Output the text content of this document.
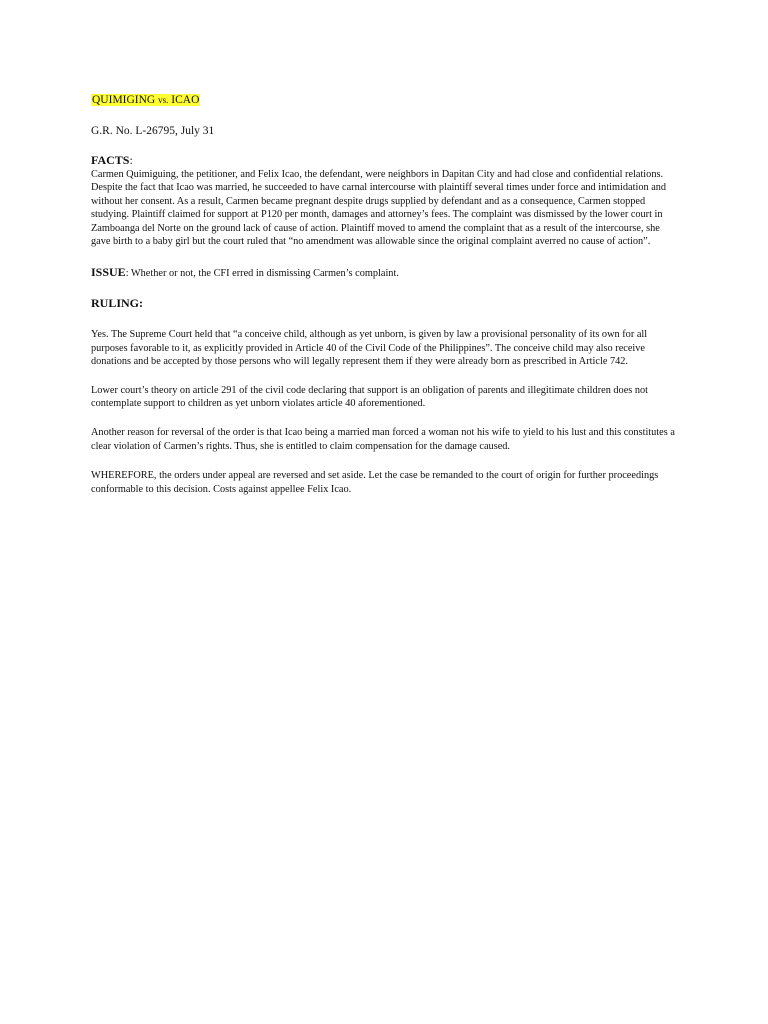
QUIMIGING vs. ICAO

G.R. No. L-26795, July 31

FACTS:

Carmen Quimiguing, the petitioner, and Felix Icao, the defendant, were neighbors in Dapitan City and had close and confidential relations. Despite the fact that Icao was married, he succeeded to have carnal intercourse with plaintiff several times under force and intimidation and without her consent. As a result, Carmen became pregnant despite drugs supplied by defendant and as a consequence, Carmen stopped studying. Plaintiff claimed for support at P120 per month, damages and attorney’s fees. The complaint was dismissed by the lower court in Zamboanga del Norte on the ground lack of cause of action. Plaintiff moved to amend the complaint that as a result of the intercourse, she gave birth to a baby girl but the court ruled that “no amendment was allowable since the original complaint averred no cause of action”.

ISSUE: Whether or not, the CFI erred in dismissing Carmen’s complaint.

RULING:

Yes. The Supreme Court held that “a conceive child, although as yet unborn, is given by law a provisional personality of its own for all purposes favorable to it, as explicitly provided in Article 40 of the Civil Code of the Philippines”. The conceive child may also receive donations and be accepted by those persons who will legally represent them if they were already born as prescribed in Article 742.

Lower court’s theory on article 291 of the civil code declaring that support is an obligation of parents and illegitimate children does not contemplate support to children as yet unborn violates article 40 aforementioned.

Another reason for reversal of the order is that Icao being a married man forced a woman not his wife to yield to his lust and this constitutes a clear violation of Carmen’s rights. Thus, she is entitled to claim compensation for the damage caused.

WHEREFORE, the orders under appeal are reversed and set aside. Let the case be remanded to the court of origin for further proceedings conformable to this decision. Costs against appellee Felix Icao.
